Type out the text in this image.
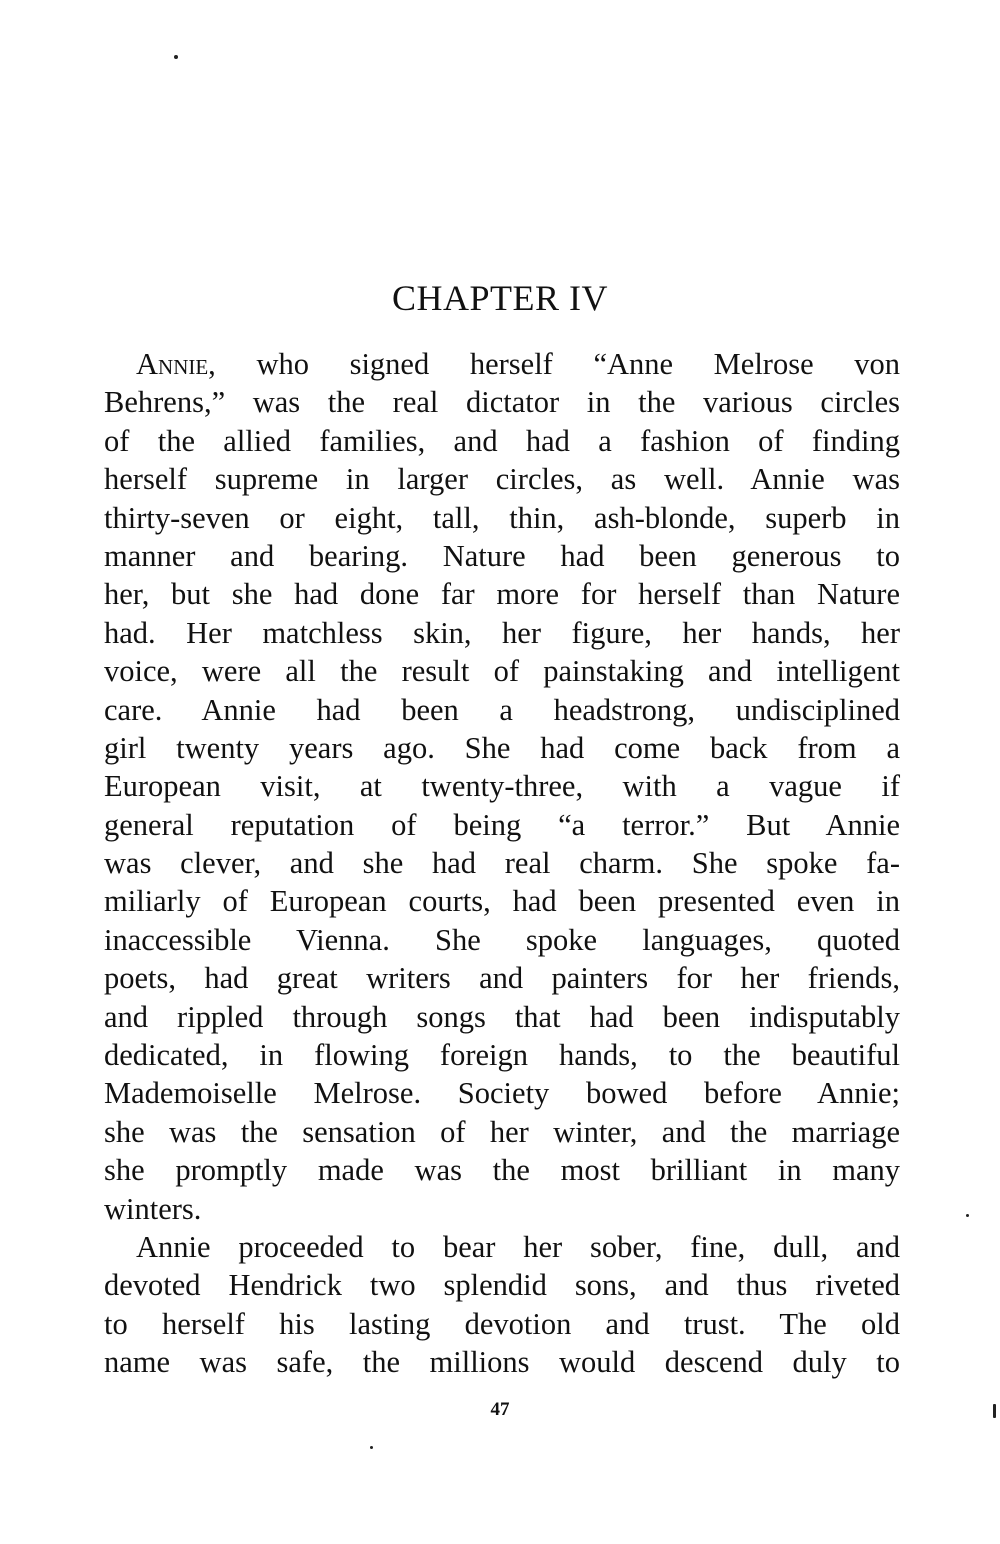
CHAPTER IV
Annie, who signed herself “Anne Melrose von
Behrens,” was the real dictator in the various circles
of the allied families, and had a fashion of finding
herself supreme in larger circles, as well. Annie was
thirty-seven or eight, tall, thin, ash-blonde, superb in
manner and bearing. Nature had been generous to
her, but she had done far more for herself than Nature
had. Her matchless skin, her figure, her hands, her
voice, were all the result of painstaking and intelligent
care. Annie had been a headstrong, undisciplined
girl twenty years ago. She had come back from a
European visit, at twenty-three, with a vague if
general reputation of being “a terror.” But Annie
was clever, and she had real charm. She spoke fa-
miliarly of European courts, had been presented even in
inaccessible Vienna. She spoke languages, quoted
poets, had great writers and painters for her friends,
and rippled through songs that had been indisputably
dedicated, in flowing foreign hands, to the beautiful
Mademoiselle Melrose. Society bowed before Annie;
she was the sensation of her winter, and the marriage
she promptly made was the most brilliant in many
winters.
Annie proceeded to bear her sober, fine, dull, and
devoted Hendrick two splendid sons, and thus riveted
to herself his lasting devotion and trust. The old
name was safe, the millions would descend duly to
47
